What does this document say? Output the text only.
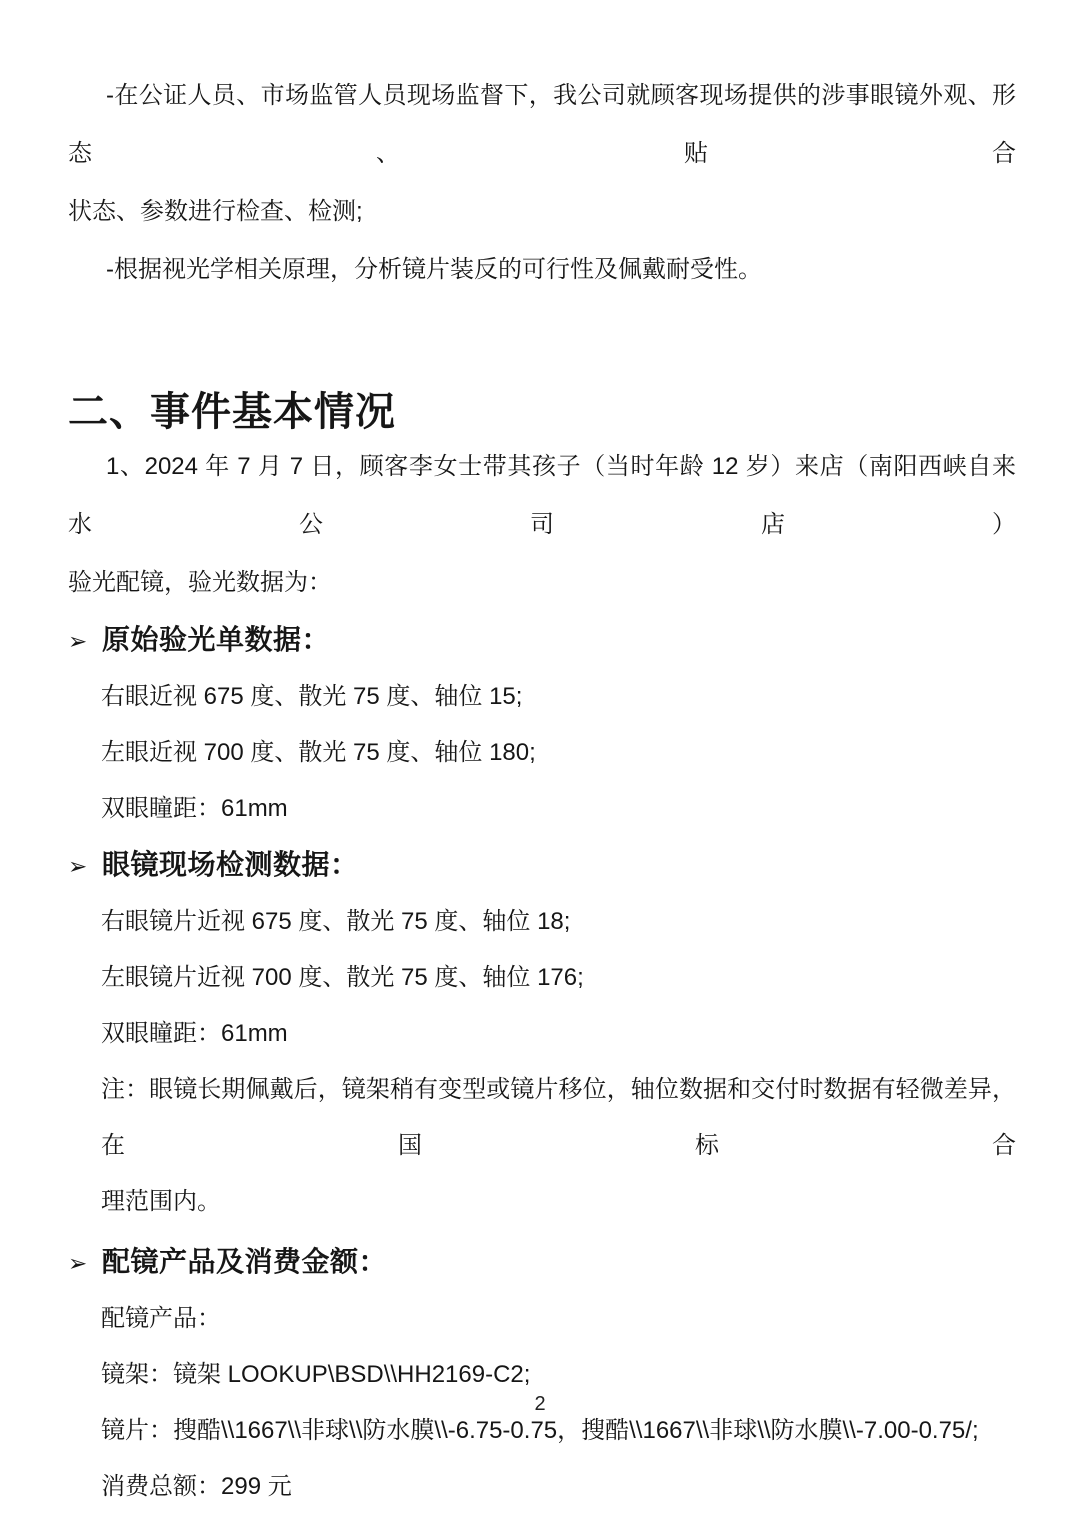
-在公证人员、市场监管人员现场监督下，我公司就顾客现场提供的涉事眼镜外观、形态、贴合
状态、参数进行检查、检测;
-根据视光学相关原理，分析镜片装反的可行性及佩戴耐受性。
二、事件基本情况
1、2024 年 7 月 7 日，顾客李女士带其孩子（当时年龄 12 岁）来店（南阳西峡自来水公司店）
验光配镜，验光数据为：
➢ 原始验光单数据：
右眼近视 675 度、散光 75 度、轴位 15;
左眼近视 700 度、散光 75 度、轴位 180;
双眼瞳距：61mm
➢ 眼镜现场检测数据：
右眼镜片近视 675 度、散光 75 度、轴位 18;
左眼镜片近视 700 度、散光 75 度、轴位 176;
双眼瞳距：61mm
注：眼镜长期佩戴后，镜架稍有变型或镜片移位，轴位数据和交付时数据有轻微差异，在国标合
理范围内。
➢ 配镜产品及消费金额：
配镜产品：
镜架：镜架 LOOKUP\BSD\\HH2169-C2;
镜片：搜酷\\1667\\非球\\防水膜\\-6.75-0.75，搜酷\\1667\\非球\\防水膜\\-7.00-0.75/;
消费总额：299 元
2
